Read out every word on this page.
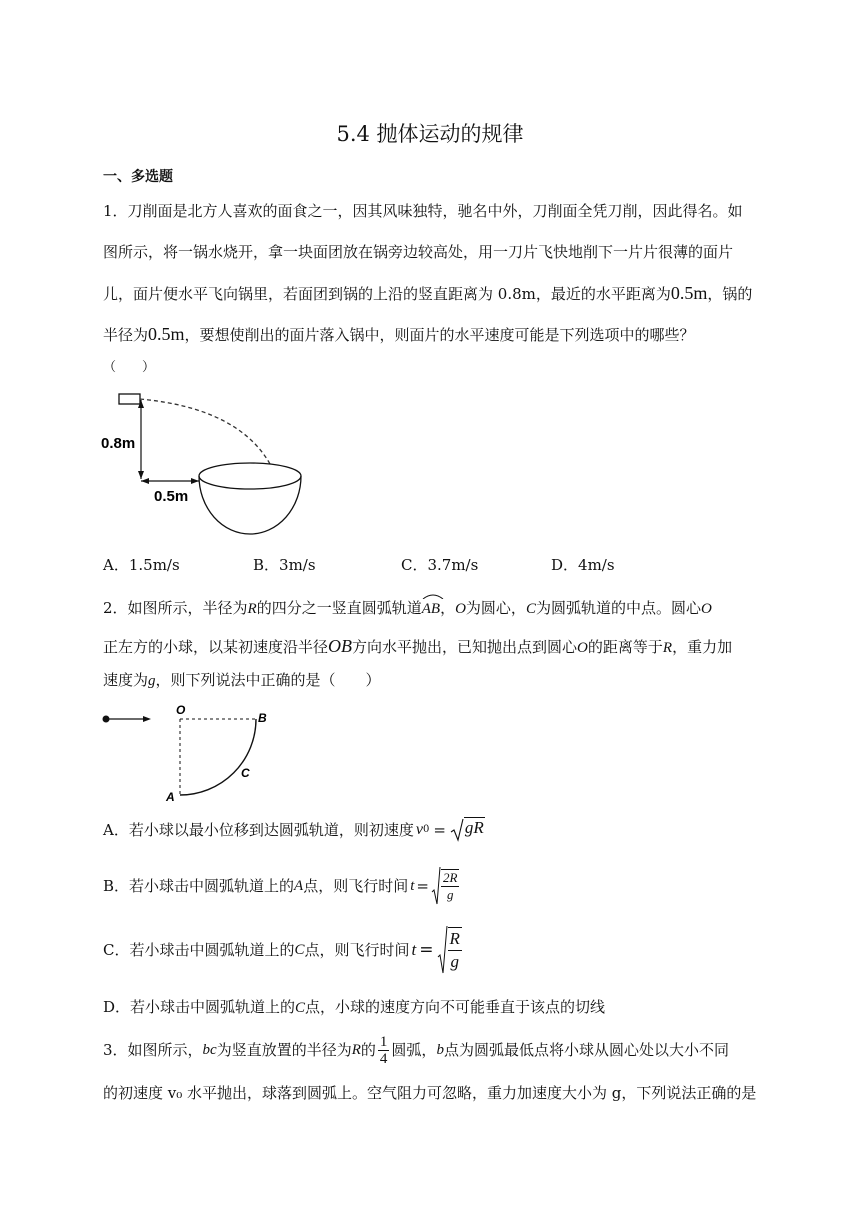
5.4 抛体运动的规律
一、多选题
1．刀削面是北方人喜欢的面食之一，因其风味独特，驰名中外，刀削面全凭刀削，因此得名。如
图所示，将一锅水烧开，拿一块面团放在锅旁边较高处，用一刀片飞快地削下一片片很薄的面片
儿，面片便水平飞向锅里，若面团到锅的上沿的竖直距离为 0.8m，最近的水平距离为0.5m，锅的
半径为0.5m，要想使削出的面片落入锅中，则面片的水平速度可能是下列选项中的哪些？
（　　）
0.8m
0.5m
A．1.5m/s	B．3m/s	C．3.7m/s	D．4m/s
2．如图所示，半径为R的四分之一竖直圆弧轨道
AB，O为圆心，C为圆弧轨道的中点。圆心O
正左方的小球，以某初速度沿半径OB方向水平抛出，已知抛出点到圆心O的距离等于R，重力加
速度为g，则下列说法中正确的是（　　）
O
B
C
A
A．若小球以最小位移到达圆弧轨道，则初速度 v 0 =	gR
B．若小球击中圆弧轨道上的 A 点，则飞行时间 $t = \frac{2R}{g}$
C．若小球击中圆弧轨道上的 C 点，则飞行时间 $t = \frac{R}{g}$
D．若小球击中圆弧轨道上的C点，小球的速度方向不可能垂直于该点的切线
3．如图所示， bc 为竖直放置的半径为 R 的 $\frac{1}{4}$ 圆弧， b 点为圆弧最低点将小球从圆心处以大小不同
的初速度 v₀ 水平抛出，球落到圆弧上。空气阻力可忽略，重力加速度大小为 g，下列说法正确的是
